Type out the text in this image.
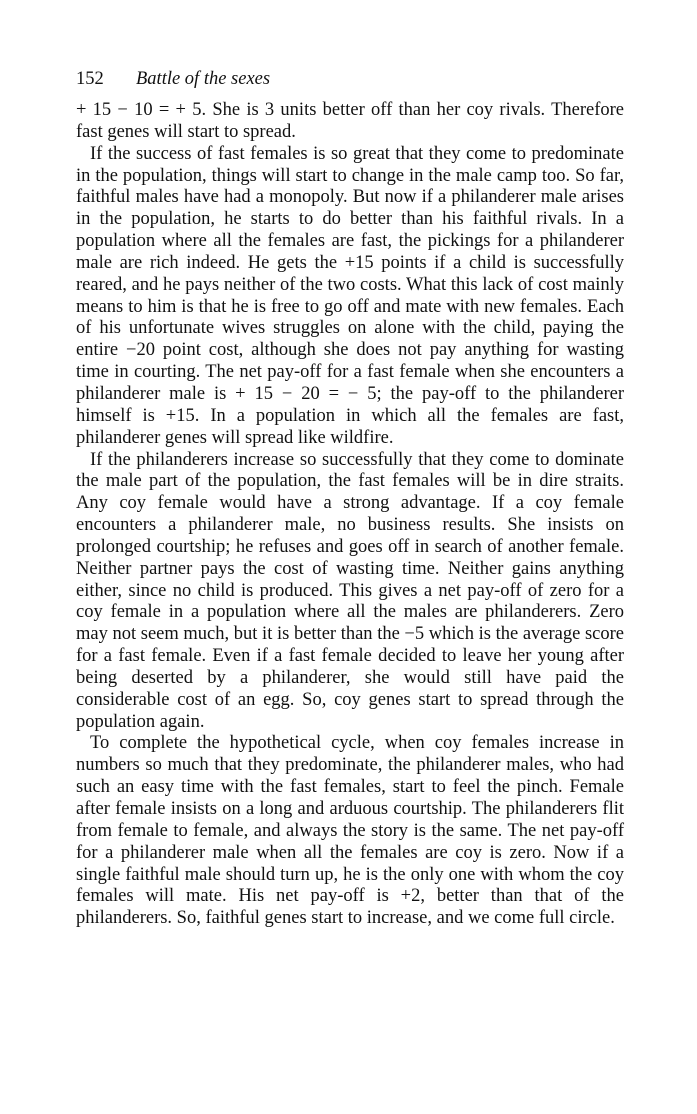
152 Battle of the sexes

+ 15 − 10 = + 5. She is 3 units better off than her coy rivals. Therefore fast genes will start to spread.

If the success of fast females is so great that they come to predominate in the population, things will start to change in the male camp too. So far, faithful males have had a monopoly. But now if a philanderer male arises in the population, he starts to do better than his faithful rivals. In a population where all the females are fast, the pickings for a philanderer male are rich indeed. He gets the +15 points if a child is successfully reared, and he pays neither of the two costs. What this lack of cost mainly means to him is that he is free to go off and mate with new females. Each of his unfortunate wives struggles on alone with the child, paying the entire −20 point cost, although she does not pay anything for wasting time in courting. The net pay-off for a fast female when she encounters a philanderer male is + 15 − 20 = − 5; the pay-off to the philanderer himself is +15. In a population in which all the females are fast, philanderer genes will spread like wildfire.

If the philanderers increase so successfully that they come to dominate the male part of the population, the fast females will be in dire straits. Any coy female would have a strong advantage. If a coy female encounters a philanderer male, no business results. She insists on prolonged courtship; he refuses and goes off in search of another female. Neither partner pays the cost of wasting time. Neither gains anything either, since no child is produced. This gives a net pay-off of zero for a coy female in a population where all the males are philanderers. Zero may not seem much, but it is better than the −5 which is the average score for a fast female. Even if a fast female decided to leave her young after being deserted by a philanderer, she would still have paid the considerable cost of an egg. So, coy genes start to spread through the population again.

To complete the hypothetical cycle, when coy females increase in numbers so much that they predominate, the philanderer males, who had such an easy time with the fast females, start to feel the pinch. Female after female insists on a long and arduous courtship. The philanderers flit from female to female, and always the story is the same. The net pay-off for a philanderer male when all the females are coy is zero. Now if a single faithful male should turn up, he is the only one with whom the coy females will mate. His net pay-off is +2, better than that of the philanderers. So, faithful genes start to increase, and we come full circle.
